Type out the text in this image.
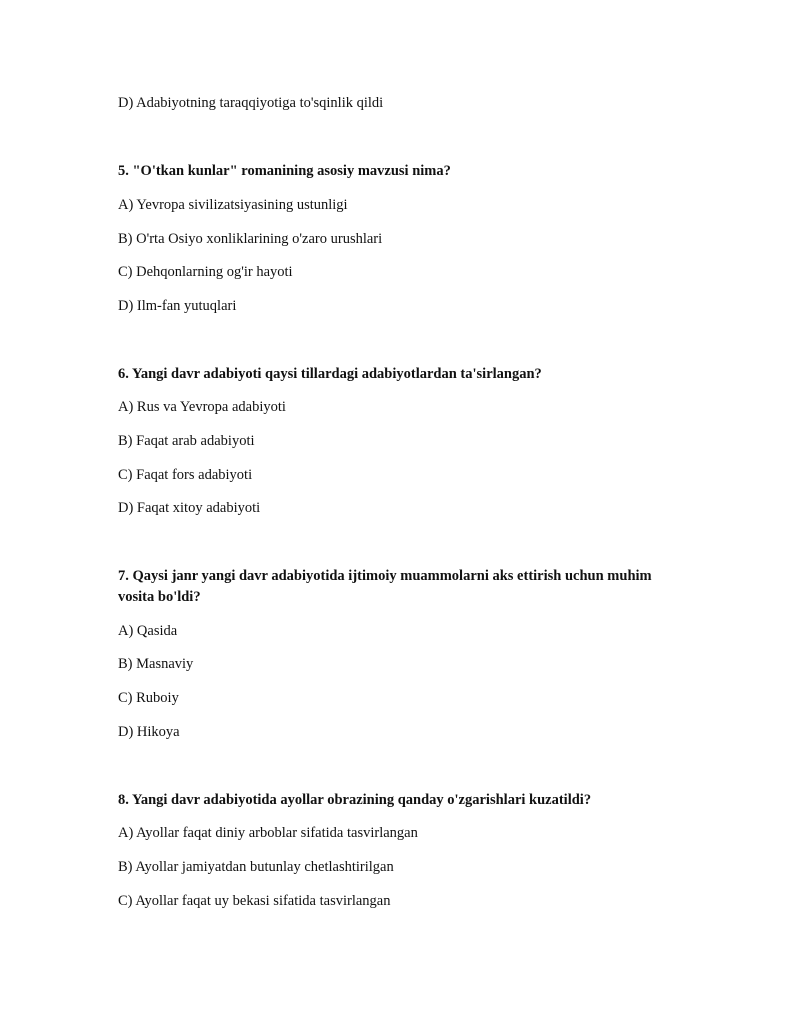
D) Adabiyotning taraqqiyotiga to'sqinlik qildi
5. "O'tkan kunlar" romanining asosiy mavzusi nima?
A) Yevropa sivilizatsiyasining ustunligi
B) O'rta Osiyo xonliklarining o'zaro urushlari
C) Dehqonlarning og'ir hayoti
D) Ilm-fan yutuqlari
6. Yangi davr adabiyoti qaysi tillardagi adabiyotlardan ta'sirlangan?
A) Rus va Yevropa adabiyoti
B) Faqat arab adabiyoti
C) Faqat fors adabiyoti
D) Faqat xitoy adabiyoti
7. Qaysi janr yangi davr adabiyotida ijtimoiy muammolarni aks ettirish uchun muhim vosita bo'ldi?
A) Qasida
B) Masnaviy
C) Ruboiy
D) Hikoya
8. Yangi davr adabiyotida ayollar obrazining qanday o'zgarishlari kuzatildi?
A) Ayollar faqat diniy arboblar sifatida tasvirlangan
B) Ayollar jamiyatdan butunlay chetlashtirilgan
C) Ayollar faqat uy bekasi sifatida tasvirlangan
